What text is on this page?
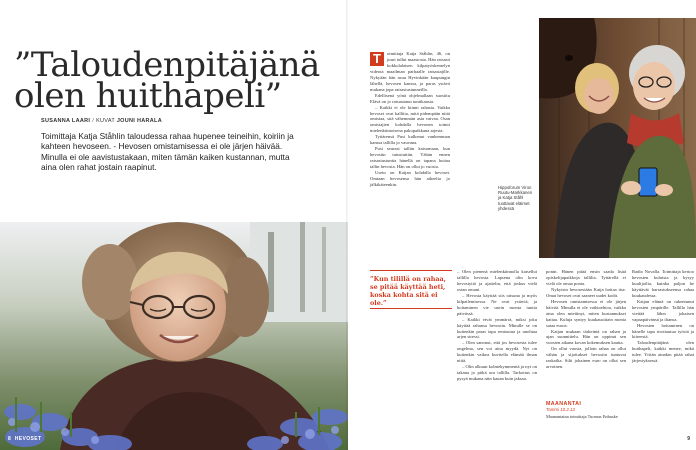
”Taloudenpitäjänä olen huithapeli”
SUSANNA LAARI / KUVAT JOUNI HARALA

Toimittaja Katja Ståhlin taloudessa rahaa hupenee teineihin, koiriin ja kahteen hevoseen. - Hevosen omistamisessa ei ole järjen häivää. Minulla ei ole aavistustakaan, miten tämän kaiken kustannan, mutta aina olen rahat jostain raapinut.

8 HEVOSET
T	oimittaja Katja Ståhlin, 46, on juuri tullut maastosta. Hän ratsasti kokkolalaisen kilpatyöskentelyn videota maailman parhaalle ratsastajille. Nykyään hän asuu Hyvinkään kaupungin lähellä, hevosen kanssa, ja paras ystävä mukana jopa ratsastustunneilla.

Edellisenä yönä ohjelmallaan suosittu Elävä on jo ratsastanut tuntikausia.

– Kaikki ei ole kiinni rahasta. Vaikka hevoset ovat kalliita, mitä pidempään niitä omistaa, sitä vähemmän asia vaivaa. Osan omistajien kohdalla hevonen toimii mielenkiintoisena pakopaikkana arjesta.

Tyttärensä Pusi kulkenut vanhemman kanssa tallilla jo vauvana.

Pusi seurasi talliin katsomaan, kun hevosiin tutustuttiin. Vähän ennen ratsastustuntia hänellä on tapana hoitaa tallin hevosia. Hän on ollut jo vuosia.

Usein on Katjan kohdalla hevoset. Omiaan hevosensa hän aiheelta jo jälkikäteenkin.

”Kun tilillä on rahaa, se pitää käyttää heti, koska kohta sitä ei ole.”

– Olen pienenä mielenkiinnolla katsellut tallilla hevosia. Lapsena olin kova hevostyttö ja ajattelin, että joskus vielä ostan omani.

– Hevosta käyttää siis ratsuna ja myös kilpailemisessa. Ne ovat ystäviä, ja hoitaminen vie usein monta tuntia päivässä.

– Kaikki eivät ymmärrä, miksi joku käyttää rahansa hevosiin. Minulle se on kuitenkin paras tapa rentoutua ja unohtaa arjen stressi.

– Olen sanonut, että jos hevosesta tulee ongelma, sen voi aina myydä. Nyt on kuitenkin vaikea kuvitella elämää ilman niitä.

– Olin alkuun kolmekymmentä ja nyt on takana jo pitkä ura tallilla. Tarkoitus on pysyä mukana niin kauan kuin jaksaa.

ponin. Hänen pitää ensin saada lisää opiskelijapaikkoja tallilta. Tyttärellä ei vielä ole omaa ponia.

Nykyisin hevosesiään Katja hoitaa itse. Omat hevoset ovat saaneet uudet kodit.

Hevosen omistamisessa ei ole järjen häivää. Minulla ei ole vaihtoehtoa, vaikka aina olen miettinyt, miten kustannukset kattaa. Kuluja syntyy kuukausittain monta sataa euroa.

Katjan mukaan tärkeintä on rahan ja ajan suunnittelu. Hän on oppinut sen vuosien aikana kovan kokemuksen kautta.

On ollut vuosia, jolloin rahaa on ollut vähän ja sijoitukset hevosiin tuntuvat raskailta. Silti jokainen euro on ollut sen arvoinen.

MAANANTAI
Tammi 10.2.13
Maanantaina toimittaja Tuomas Enbuske

Radio Novalla. Toimittaja kertoo hevosten kuluista ja kysyy kuulijoilta, kuinka paljon he käyttävät harrastukseensa rahaa kuukaudessa.

Katjan elämä on rakentunut hevosten ympärille. Tallilla hän viettää lähes jokaisen vapaapäivänsä ja iltansa.

Hevosten hoitaminen on hänelle tapa irrottautua työstä ja kiireestä.

Taloudenpitäjänä olen huithapeli, kaikki menee, mikä tulee. Yritän ainakin pitää rahat järjestyksessä.

Hippoforum Viron Ruutu-Markkanen ja Katja Ståhl tuottavat eläimet yhdessä
9
